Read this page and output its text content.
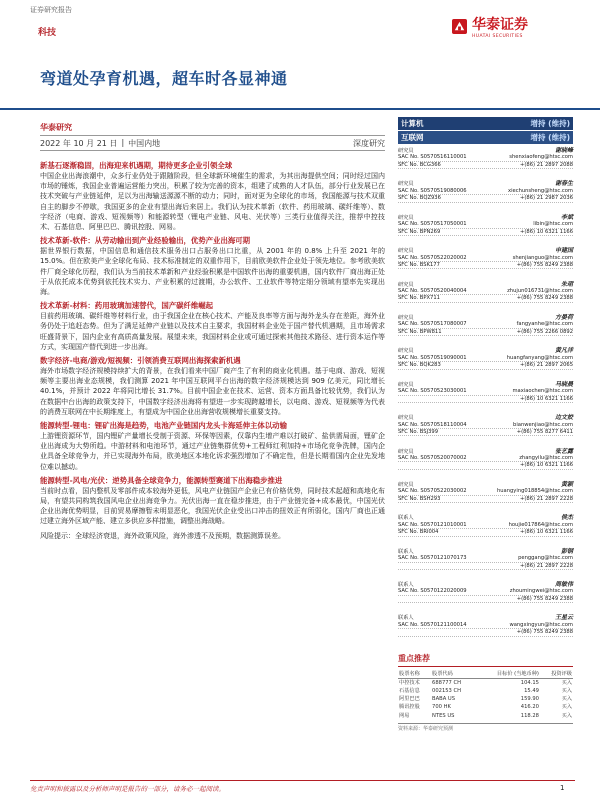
证券研究报告
科技	华泰证券
HUATAI SECURITIES
弯道处孕育机遇，超车时各显神通
华泰研究
2022 年 10 月 21 日 | 中国内地	深度研究
新基石逐渐稳固，出海迎来机遇期，期待更多企业引领全球
中国企业出海浪潮中，众多行业仍处于跟随阶段，但全球新环境催生的需求，为其出海提供空间；同时经过国内市场的锤炼，我国企业普遍运营能力突出，积累了较为完善的资本，组建了成熟的人才队伍，部分行业发展已在技术突破与产业链延伸，足以为出海输送源源不断的动力；同时，面对更为全球化的市场，我国能源与技术双重自主的脚步不停歇，我国更多的企业有望出海后来居上。我们认为技术革新（软件、药用玻璃、碳纤维等）、数字经济（电商、游戏、短视频等）和能源转型（锂电产业链、风电、光伏等）三类行业值得关注，推荐中控技术、石基信息、阿里巴巴、腾讯控股、网易。
技术革新-软件：从劳动输出到产业经验输出，优势产业出海可期
据世界银行数据，中国信息和通信技术服务出口占服务出口比重，从 2001 年的 0.8% 上升至 2021 年的 15.0%。但在欧美产业全球化布局、技术标准制定的双重作用下，目前欧美软件企业处于领先地位。参考欧美软件厂商全球化历程，我们认为当前技术革新和产业经验积累是中国软件出海的重要机遇，国内软件厂商出海正处于从依托成本优势到依托技术实力、产业积累的过渡期，办公软件、工业软件等特定细分领域有望率先实现出海。
技术革新-材料：药用玻璃加速替代，国产碳纤维崛起
目前药用玻璃、碳纤维等材料行业，由于我国企业在核心技术、产能及良率等方面与海外龙头存在差距，海外业务仍处于追赶态势。但为了满足延伸产业链以及技术自主要求，我国材料企业处于国产替代机遇期，且市场需求旺盛背景下，国内企业有高质高量发展。展望未来，我国材料企业或可通过探索其他技术路径、进行资本运作等方式，实现国产替代到进一步出海。
数字经济-电商/游戏/短视频：引领消费互联网出海探索新机遇
海外市场数字经济规模持续扩大的背景，在我们看来中国厂商产生了有利的商业化机遇。基于电商、游戏、短视频等主要出海业态规模，我们测算 2021 年中国互联网平台出海的数字经济规模达到 909 亿美元，同比增长 40.1%，并预计 2022 年将同比增长 31.7%。目前中国企业在技术、运营、资本方面具备比较优势，我们认为在数据中台出海的政策支持下，中国数字经济出海将有望进一步实现跨越增长，以电商、游戏、短视频等为代表的消费互联网在中长期维度上，有望成为中国企业出海营收规模增长重要支持。
能源转型-锂电：锂矿出海是趋势，电池产业链国内龙头卡海延伸主体以动输
上游锂资源环节，国内锂矿产量增长受制于资源、环保等因素，仅靠内生增产难以打破矿、盐供需局面，锂矿企业出海成为大势所趋。中游材料和电池环节，通过产业链集群优势+工程师红利加持+市场化竞争洗牌，国内企业具备全球竞争力，并已实现海外布局，欧美地区本地化诉求强烈增加了不确定性，但是长期看国内企业先发地位难以撼动。
能源转型-风电/光伏：逆势具备全球竞争力，能源转型赛道下出海稳步推进
当前时点看，国内整机及零部件成本较海外更低，风电产业链国产企业已有价格优势，同时技术起超和高地化布局，有望共同构筑我国风电企业出海竞争力。光伏出海一直在稳步推进，由于产业链完备+成本最优，中国光伏企业出海优势明显，目前贸易摩擦暂未明显恶化，我国光伏企业受出口冲击的扭效正有所弱化，国内厂商也正通过建立海外区域产能、建立多供应多样措施，调整出海战略。
风险提示：全球经济衰退，海外政策风险，海外渗透不及预期，数据测算误差。
计算机	增持 (维持)
互联网	增持 (维持)
研究员	谢晓峰
SAC No. S0570516110001	shenxiaofeng@htsc.com
SFC No. BCG366	+(86) 21 2897 2088
研究员	谢春生
SAC No. S0570519080006	xiechunsheng@htsc.com
SFC No. BQZ936	+(86) 21 2987 2036
研究员	李斌
SAC No. S0570517050001	libin@htsc.com
SFC No. BPN269	+(86) 10 6321 1166
研究员	申建国
SAC No. S0570522020002	shenjianguo@htsc.com
SFC No. BSK177	+(86) 755 8249 2388
研究员	朱珺
SAC No. S0570520040004	zhujun016731@htsc.com
SFC No. BPX711	+(86) 755 8249 2388
研究员	方晏荷
SAC No. S0570517080007	fangyanhe@htsc.com
SFC No. BPW811	+(86) 755 2266 0892
研究员	黄凡洋
SAC No. S0570519090001	huangfanyang@htsc.com
SFC No. BQK283	+(86) 21 2897 2065
研究员	马晓晨
SAC No. S0570523030001	maxiaochen@htsc.com
+(86) 10 6321 1166
研究员	边文姣
SAC No. S0570518110004	bianwenjiao@htsc.com
SFC No. BSJ399	+(86) 755 8277 6411
研究员	张艺露
SAC No. S0570520070002	zhangyilu@htsc.com
+(86) 10 6321 1166
研究员	黄颖
SAC No. S0570522030002	huangying018854@htsc.com
SFC No. BSH293	+(86) 21 2897 2228
联系人	侯杰
SAC No. S0570121010001	houjie017864@htsc.com
SFC No. BRI004	+(86) 10 6321 1166
联系人	彭钢
SAC No. S0570121070173	penggang@htsc.com
+(86) 21 2897 2228
联系人	周敏伟
SAC No. S0570122020009	zhoumingwei@htsc.com
+(86) 755 8249 2388
联系人	王星云
SAC No. S0570121100014	wangxingyun@htsc.com
+(86) 755 8249 2388
重点推荐
股票名称	股票代码	目标价 (当地币种)	投资评级
中控技术	688777 CH	104.15	买入
石基信息	002153 CH	15.49	买入
阿里巴巴	BABA US	159.90	买入
腾讯控股	700 HK	416.20	买入
网易	NTES US	118.28	买入
资料来源：华泰研究预测
免责声明和披露以及分析师声明是报告的一部分，请务必一起阅读。	1
